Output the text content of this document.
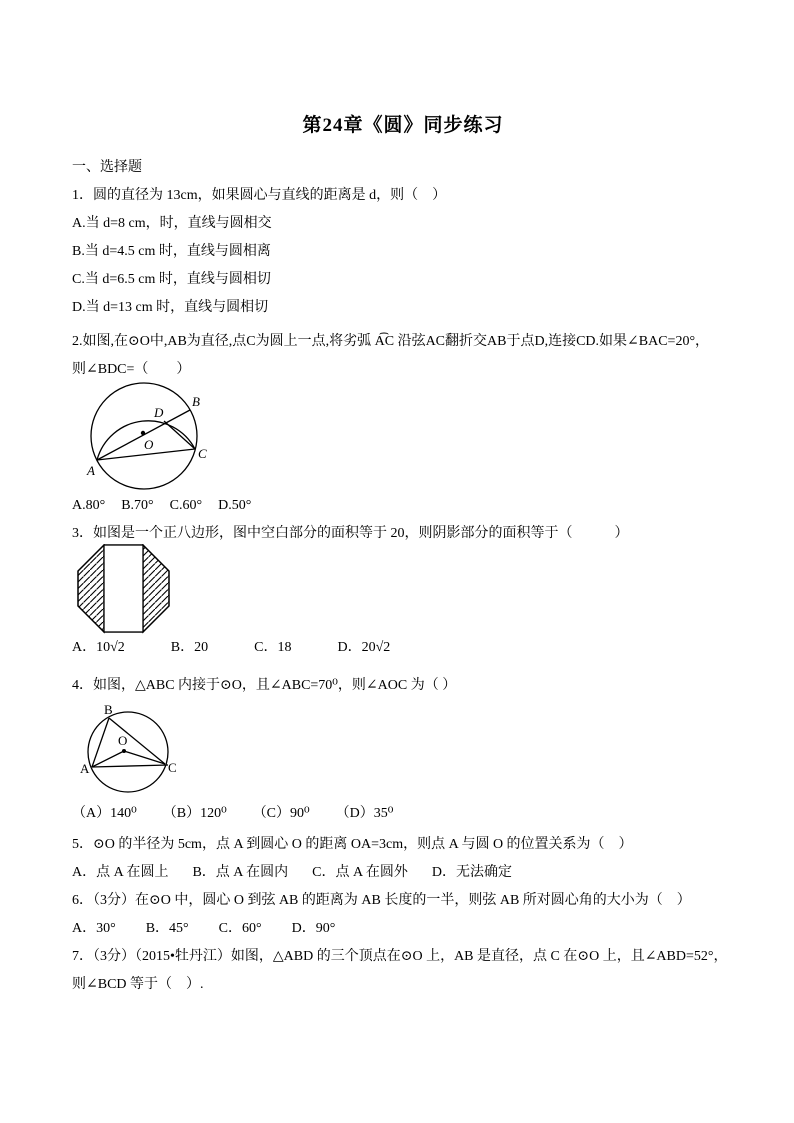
第24章《圆》同步练习
一、选择题
1．圆的直径为 13cm，如果圆心与直线的距离是 d，则（　）
A.当 d=8 cm，时，直线与圆相交
B.当 d=4.5 cm 时，直线与圆相离
C.当 d=6.5 cm 时，直线与圆相切
D.当 d=13 cm 时，直线与圆相切
2.如图,在⊙O中,AB为直径,点C为圆上一点,将劣弧 A͡C 沿弦AC翻折交AB于点D,连接CD.如果∠BAC=20°，
则∠BDC=（　　）
A
B
C
D
O
A.80° B.70° C.60° D.50°
3．如图是一个正八边形，图中空白部分的面积等于 20，则阴影部分的面积等于（　　　）
A．10√2	B．20	C．18	D．20√2
4．如图，△ABC 内接于⊙O，且∠ABC=70⁰，则∠AOC 为（ ）
B
A	C
O
（A）140⁰ （B）120⁰ （C）90⁰ （D）35⁰
5．⊙O 的半径为 5cm，点 A 到圆心 O 的距离 OA=3cm，则点 A 与圆 O 的位置关系为（　）
A．点 A 在圆上 B．点 A 在圆内 C．点 A 在圆外 D．无法确定
6．（3分）在⊙O 中，圆心 O 到弦 AB 的距离为 AB 长度的一半，则弦 AB 所对圆心角的大小为（　）
A．30° B．45° C．60° D．90°
7．（3分）（2015•牡丹江）如图，△ABD 的三个顶点在⊙O 上，AB 是直径，点 C 在⊙O 上，且∠ABD=52°，
则∠BCD 等于（　）.
